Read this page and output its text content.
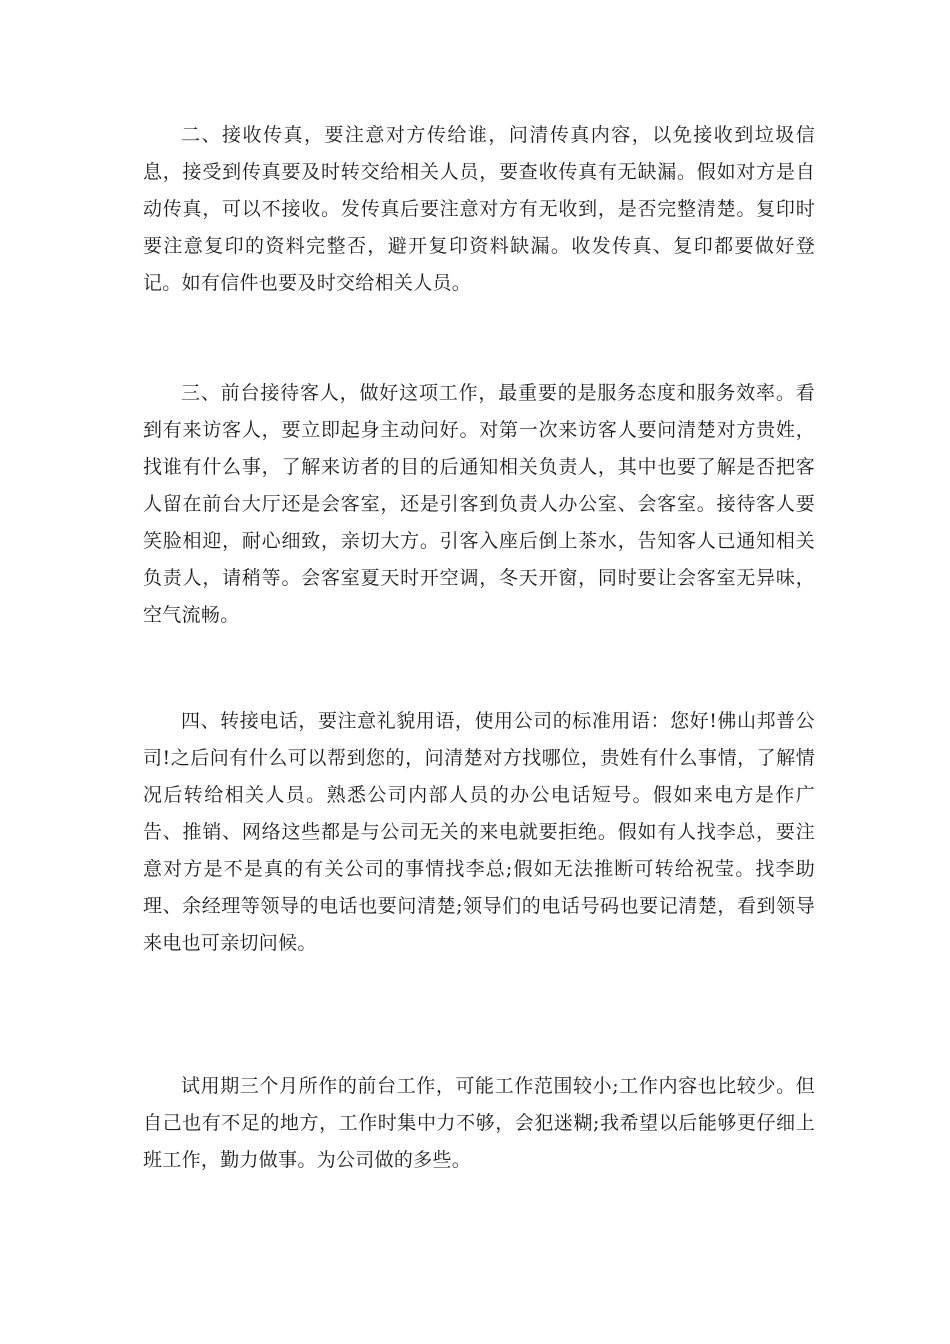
二、接收传真，要注意对方传给谁，问清传真内容，以免接收到垃圾信息，接受到传真要及时转交给相关人员，要查收传真有无缺漏。假如对方是自动传真，可以不接收。发传真后要注意对方有无收到，是否完整清楚。复印时要注意复印的资料完整否，避开复印资料缺漏。收发传真、复印都要做好登记。如有信件也要及时交给相关人员。

三、前台接待客人，做好这项工作，最重要的是服务态度和服务效率。看到有来访客人，要立即起身主动问好。对第一次来访客人要问清楚对方贵姓，找谁有什么事，了解来访者的目的后通知相关负责人，其中也要了解是否把客人留在前台大厅还是会客室，还是引客到负责人办公室、会客室。接待客人要笑脸相迎，耐心细致，亲切大方。引客入座后倒上茶水，告知客人已通知相关负责人，请稍等。会客室夏天时开空调，冬天开窗，同时要让会客室无异味，空气流畅。

四、转接电话，要注意礼貌用语，使用公司的标准用语：您好!佛山邦普公司!之后问有什么可以帮到您的，问清楚对方找哪位，贵姓有什么事情，了解情况后转给相关人员。熟悉公司内部人员的办公电话短号。假如来电方是作广告、推销、网络这些都是与公司无关的来电就要拒绝。假如有人找李总，要注意对方是不是真的有关公司的事情找李总;假如无法推断可转给祝莹。找李助理、余经理等领导的电话也要问清楚;领导们的电话号码也要记清楚，看到领导来电也可亲切问候。

试用期三个月所作的前台工作，可能工作范围较小;工作内容也比较少。但自己也有不足的地方，工作时集中力不够，会犯迷糊;我希望以后能够更仔细上班工作，勤力做事。为公司做的多些。
